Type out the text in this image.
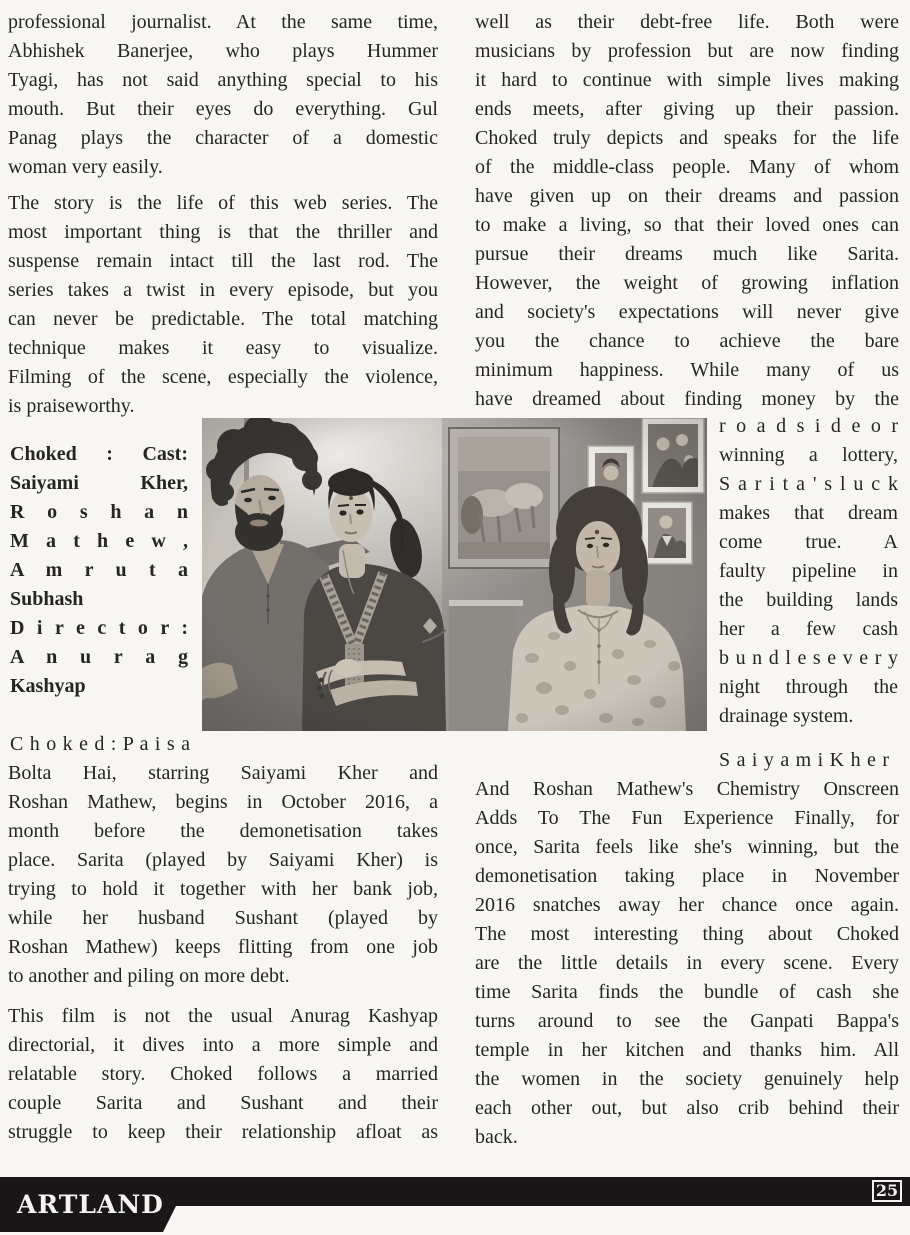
professional journalist. At the same time,
Abhishek Banerjee, who plays Hummer
Tyagi, has not said anything special to his
mouth. But their eyes do everything. Gul
Panag plays the character of a domestic
woman very easily.
The story is the life of this web series. The
most important thing is that the thriller and
suspense remain intact till the last rod. The
series takes a twist in every episode, but you
can never be predictable. The total matching
technique makes it easy to visualize.
Filming of the scene, especially the violence,
is praiseworthy.
Choked : Cast:
Saiyami Kher,
R o s h a n
M a t h e w ,
A m r u t a
Subhash
D i r e c t o r :
A n u r a g
Kashyap
C h o k e d : P a i s a
Bolta Hai, starring Saiyami Kher and
Roshan Mathew, begins in October 2016, a
month before the demonetisation takes
place. Sarita (played by Saiyami Kher) is
trying to hold it together with her bank job,
while her husband Sushant (played by
Roshan Mathew) keeps flitting from one job
to another and piling on more debt.
This film is not the usual Anurag Kashyap
directorial, it dives into a more simple and
relatable story. Choked follows a married
couple Sarita and Sushant and their
struggle to keep their relationship afloat as
well as their debt-free life. Both were
musicians by profession but are now finding
it hard to continue with simple lives making
ends meets, after giving up their passion.
Choked truly depicts and speaks for the life
of the middle-class people. Many of whom
have given up on their dreams and passion
to make a living, so that their loved ones can
pursue their dreams much like Sarita.
However, the weight of growing inflation
and society's expectations will never give
you the chance to achieve the bare
minimum happiness. While many of us
have dreamed about finding money by the
r o a d s i d e o r
winning a lottery,
S a r i t a ' s l u c k
makes that dream
come true. A
faulty pipeline in
the building lands
her a few cash
b u n d l e s e v e r y
night through the
drainage system.
S a i y a m i K h e r
And Roshan Mathew's Chemistry Onscreen
Adds To The Fun Experience Finally, for
once, Sarita feels like she's winning, but the
demonetisation taking place in November
2016 snatches away her chance once again.
The most interesting thing about Choked
are the little details in every scene. Every
time Sarita finds the bundle of cash she
turns around to see the Ganpati Bappa's
temple in her kitchen and thanks him. All
the women in the society genuinely help
each other out, but also crib behind their
back.
ARTLAND	25
